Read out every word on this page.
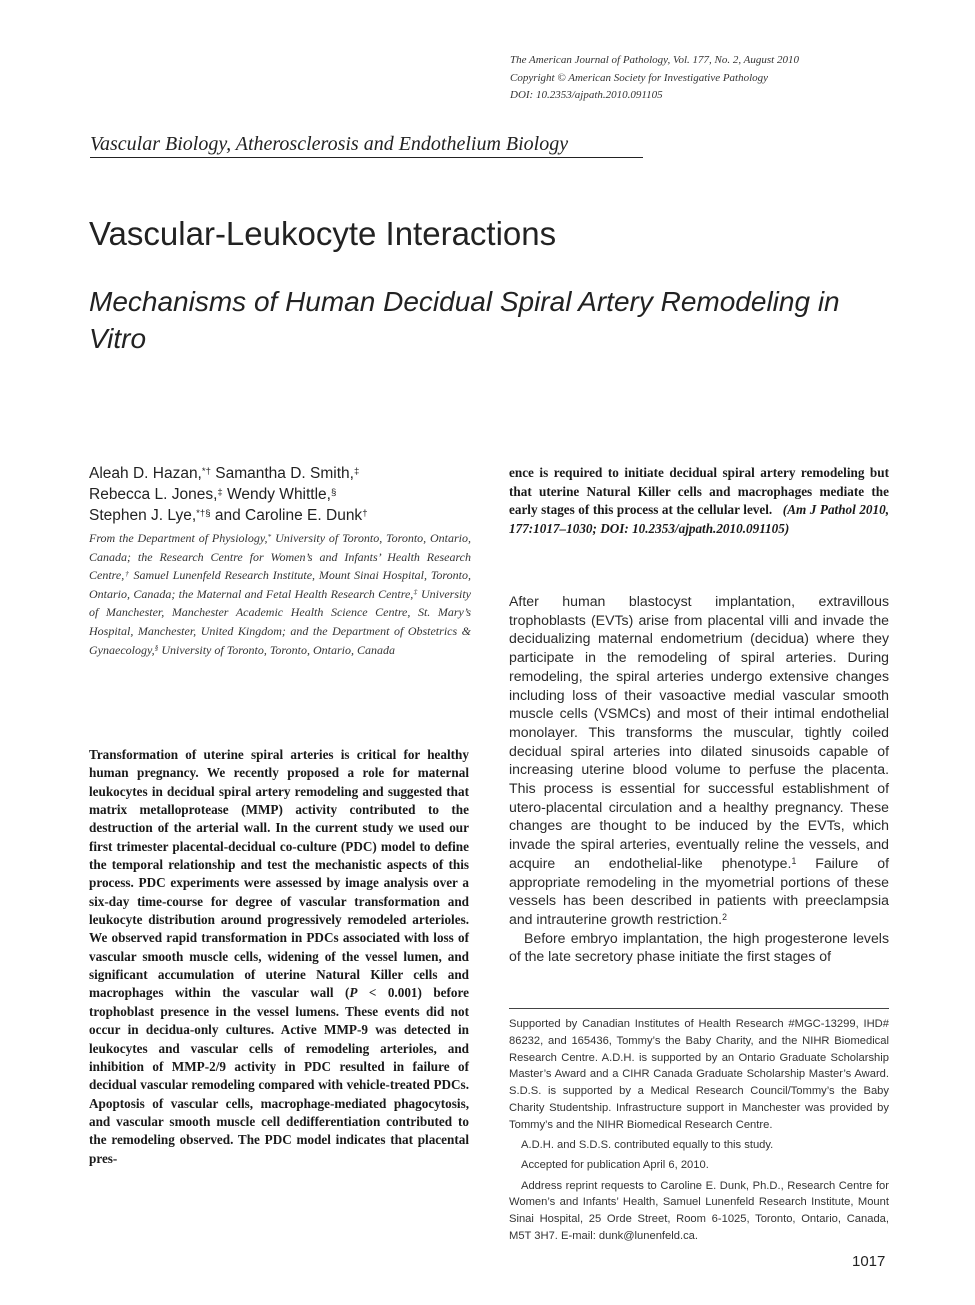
The American Journal of Pathology, Vol. 177, No. 2, August 2010
Copyright © American Society for Investigative Pathology
DOI: 10.2353/ajpath.2010.091105
Vascular Biology, Atherosclerosis and Endothelium Biology
Vascular-Leukocyte Interactions
Mechanisms of Human Decidual Spiral Artery Remodeling in Vitro
Aleah D. Hazan,*† Samantha D. Smith,‡
Rebecca L. Jones,‡ Wendy Whittle,§
Stephen J. Lye,*†§ and Caroline E. Dunk†
From the Department of Physiology,* University of Toronto, Toronto, Ontario, Canada; the Research Centre for Women’s and Infants’ Health Research Centre,† Samuel Lunenfeld Research Institute, Mount Sinai Hospital, Toronto, Ontario, Canada; the Maternal and Fetal Health Research Centre,‡ University of Manchester, Manchester Academic Health Science Centre, St. Mary’s Hospital, Manchester, United Kingdom; and the Department of Obstetrics & Gynaecology,§ University of Toronto, Toronto, Ontario, Canada
Transformation of uterine spiral arteries is critical for healthy human pregnancy. We recently proposed a role for maternal leukocytes in decidual spiral artery remodeling and suggested that matrix metalloprotease (MMP) activity contributed to the destruction of the arterial wall. In the current study we used our first trimester placental-decidual co-culture (PDC) model to define the temporal relationship and test the mechanistic aspects of this process. PDC experiments were assessed by image analysis over a six-day time-course for degree of vascular transformation and leukocyte distribution around progressively remodeled arterioles. We observed rapid transformation in PDCs associated with loss of vascular smooth muscle cells, widening of the vessel lumen, and significant accumulation of uterine Natural Killer cells and macrophages within the vascular wall (P < 0.001) before trophoblast presence in the vessel lumens. These events did not occur in decidua-only cultures. Active MMP-9 was detected in leukocytes and vascular cells of remodeling arterioles, and inhibition of MMP-2/9 activity in PDC resulted in failure of decidual vascular remodeling compared with vehicle-treated PDCs. Apoptosis of vascular cells, macrophage-mediated phagocytosis, and vascular smooth muscle cell dedifferentiation contributed to the remodeling observed. The PDC model indicates that placental pres-
ence is required to initiate decidual spiral artery remodeling but that uterine Natural Killer cells and macrophages mediate the early stages of this process at the cellular level. (Am J Pathol 2010, 177:1017–1030; DOI: 10.2353/ajpath.2010.091105)

After human blastocyst implantation, extravillous trophoblasts (EVTs) arise from placental villi and invade the decidualizing maternal endometrium (decidua) where they participate in the remodeling of spiral arteries. During remodeling, the spiral arteries undergo extensive changes including loss of their vasoactive medial vascular smooth muscle cells (VSMCs) and most of their intimal endothelial monolayer. This transforms the muscular, tightly coiled decidual spiral arteries into dilated sinusoids capable of increasing uterine blood volume to perfuse the placenta. This process is essential for successful establishment of utero-placental circulation and a healthy pregnancy. These changes are thought to be induced by the EVTs, which invade the spiral arteries, eventually reline the vessels, and acquire an endothelial-like phenotype.$^1$ Failure of appropriate remodeling in the myometrial portions of these vessels has been described in patients with preeclampsia and intrauterine growth restriction.$^2$

Before embryo implantation, the high progesterone levels of the late secretory phase initiate the first stages of

Supported by Canadian Institutes of Health Research #MGC-13299, IHD# 86232, and 165436, Tommy’s the Baby Charity, and the NIHR Biomedical Research Centre. A.D.H. is supported by an Ontario Graduate Scholarship Master’s Award and a CIHR Canada Graduate Scholarship Master’s Award. S.D.S. is supported by a Medical Research Council/Tommy’s the Baby Charity Studentship. Infrastructure support in Manchester was provided by Tommy’s and the NIHR Biomedical Research Centre.

A.D.H. and S.D.S. contributed equally to this study.

Accepted for publication April 6, 2010.

Address reprint requests to Caroline E. Dunk, Ph.D., Research Centre for Women’s and Infants’ Health, Samuel Lunenfeld Research Institute, Mount Sinai Hospital, 25 Orde Street, Room 6-1025, Toronto, Ontario, Canada, M5T 3H7. E-mail: dunk@lunenfeld.ca.

1017
